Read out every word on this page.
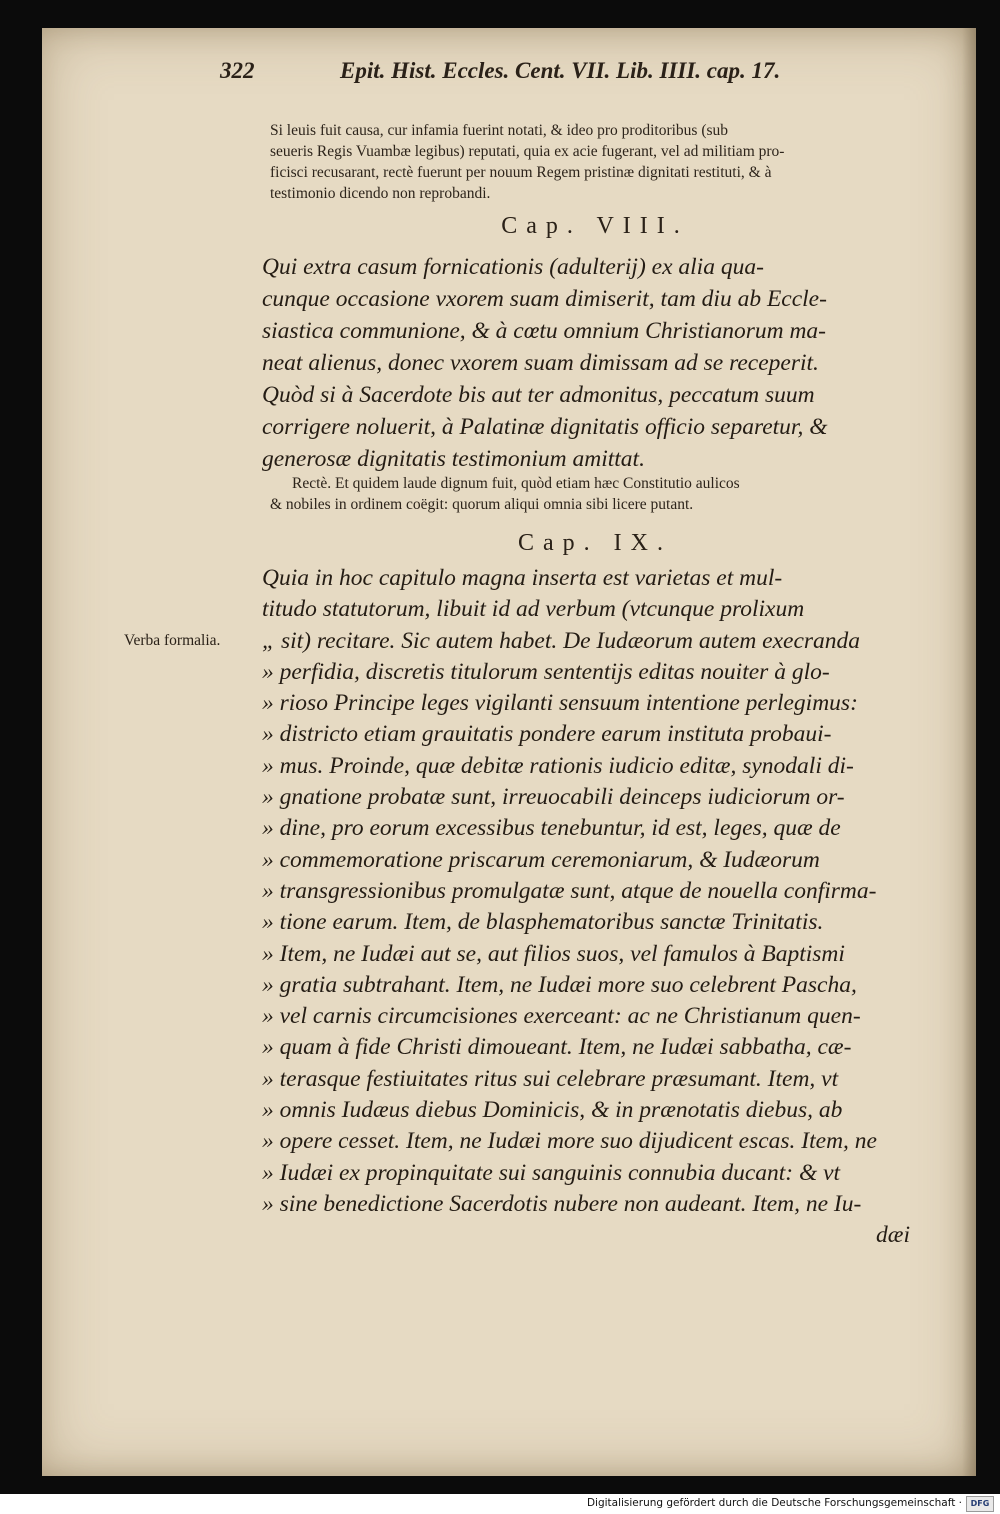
322	Epit. Hist. Eccles. Cent. VII. Lib. IIII. cap. 17.
Si leuis fuit causa, cur infamia fuerint notati, & ideo pro proditoribus (sub
seueris Regis Vuambæ legibus) reputati, quia ex acie fugerant, vel ad militiam pro-
ficisci recusarant, rectè fuerunt per nouum Regem pristinæ dignitati restituti, & à
testimonio dicendo non reprobandi.
Cap. VIII.
Qui extra casum fornicationis (adulterij) ex alia qua-
cunque occasione vxorem suam dimiserit, tam diu ab Eccle-
siastica communione, & à cœtu omnium Christianorum ma-
neat alienus, donec vxorem suam dimissam ad se receperit.
Quòd si à Sacerdote bis aut ter admonitus, peccatum suum
corrigere noluerit, à Palatinæ dignitatis officio separetur, &
generosæ dignitatis testimonium amittat.
Rectè. Et quidem laude dignum fuit, quòd etiam hæc Constitutio aulicos
& nobiles in ordinem coëgit: quorum aliqui omnia sibi licere putant.
Cap. IX.
Verba formalia.
Quia in hoc capitulo magna inserta est varietas et mul-
titudo statutorum, libuit id ad verbum (vtcunque prolixum
„ sit) recitare. Sic autem habet. De Iudæorum autem execranda
» perfidia, discretis titulorum sententijs editas nouiter à glo-
» rioso Principe leges vigilanti sensuum intentione perlegimus:
» districto etiam grauitatis pondere earum instituta probaui-
» mus. Proinde, quæ debitæ rationis iudicio editæ, synodali di-
» gnatione probatæ sunt, irreuocabili deinceps iudiciorum or-
» dine, pro eorum excessibus tenebuntur, id est, leges, quæ de
» commemoratione priscarum ceremoniarum, & Iudæorum
» transgressionibus promulgatæ sunt, atque de nouella confirma-
» tione earum. Item, de blasphematoribus sanctæ Trinitatis.
» Item, ne Iudæi aut se, aut filios suos, vel famulos à Baptismi
» gratia subtrahant. Item, ne Iudæi more suo celebrent Pascha,
» vel carnis circumcisiones exerceant: ac ne Christianum quen-
» quam à fide Christi dimoueant. Item, ne Iudæi sabbatha, cæ-
» terasque festiuitates ritus sui celebrare præsumant. Item, vt
» omnis Iudæus diebus Dominicis, & in prænotatis diebus, ab
» opere cesset. Item, ne Iudæi more suo dijudicent escas. Item, ne
» Iudæi ex propinquitate sui sanguinis connubia ducant: & vt
» sine benedictione Sacerdotis nubere non audeant. Item, ne Iu-
dæi
Digitalisierung gefördert durch die Deutsche Forschungsgemeinschaft ·	DFG
